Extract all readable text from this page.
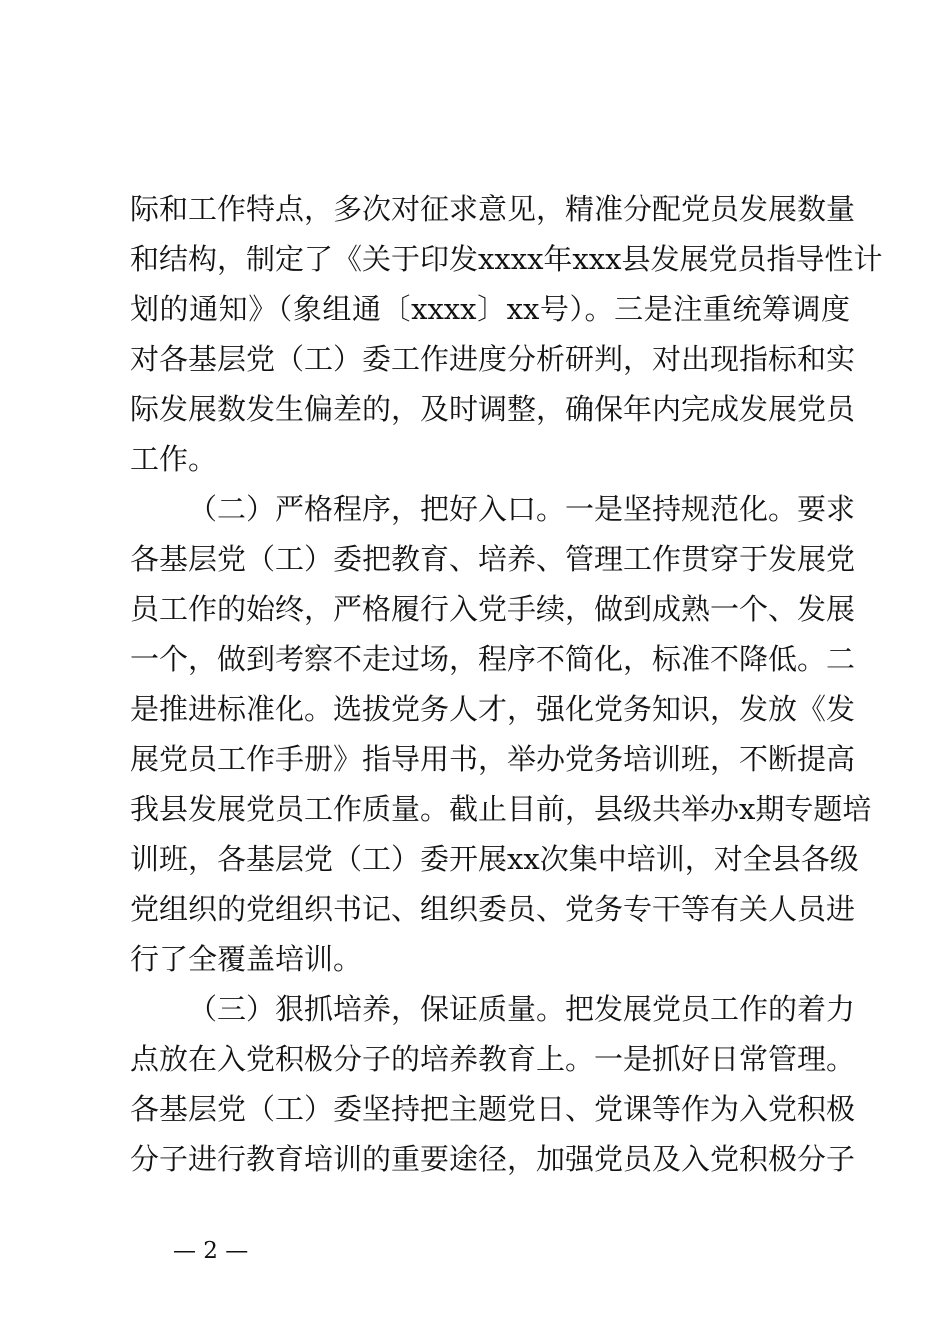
际和工作特点，多次对征求意见，精准分配党员发展数量
和结构，制定了《关于印发xxxx年xxx县发展党员指导性计
划的通知》（象组通〔xxxx〕xx号）。三是注重统筹调度
对各基层党（工）委工作进度分析研判，对出现指标和实
际发展数发生偏差的，及时调整，确保年内完成发展党员
工作。
（二）严格程序，把好入口。一是坚持规范化。要求
各基层党（工）委把教育、培养、管理工作贯穿于发展党
员工作的始终，严格履行入党手续，做到成熟一个、发展
一个，做到考察不走过场，程序不简化，标准不降低。二
是推进标准化。选拔党务人才，强化党务知识，发放《发
展党员工作手册》指导用书，举办党务培训班，不断提高
我县发展党员工作质量。截止目前，县级共举办x期专题培
训班，各基层党（工）委开展xx次集中培训，对全县各级
党组织的党组织书记、组织委员、党务专干等有关人员进
行了全覆盖培训。
（三）狠抓培养，保证质量。把发展党员工作的着力
点放在入党积极分子的培养教育上。一是抓好日常管理。
各基层党（工）委坚持把主题党日、党课等作为入党积极
分子进行教育培训的重要途径，加强党员及入党积极分子
— 2 —
